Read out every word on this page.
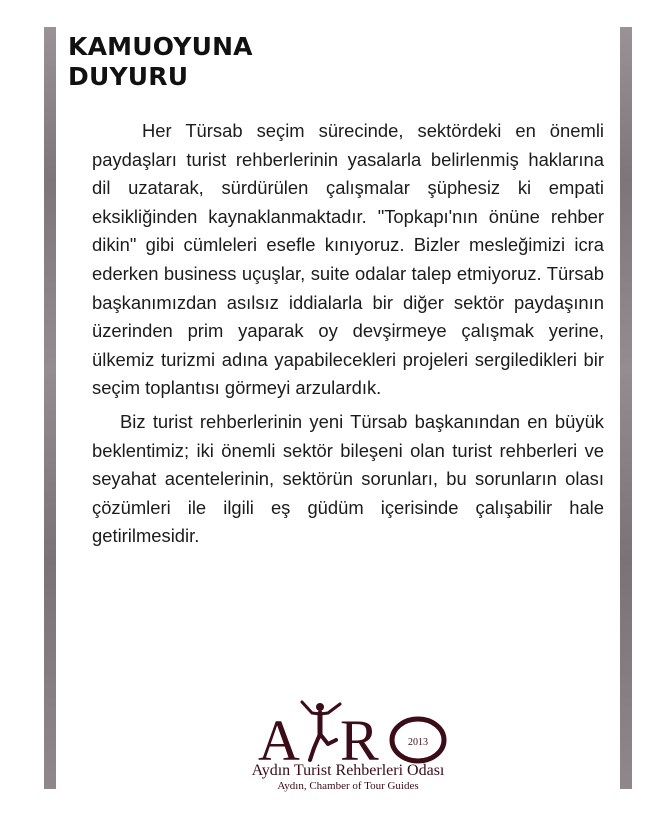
KAMUOYUNA
DUYURU

Her Türsab seçim sürecinde, sektördeki en önemli paydaşları turist rehberlerinin yasalarla belirlenmiş haklarına dil uzatarak, sürdürülen çalışmalar şüphesiz ki empati eksikliğinden kaynaklanmaktadır. "Topkapı'nın önüne rehber dikin" gibi cümleleri esefle kınıyoruz. Bizler mesleğimizi icra ederken business uçuşlar, suite odalar talep etmiyoruz. Türsab başkanımızdan asılsız iddialarla bir diğer sektör paydaşının üzerinden prim yaparak oy devşirmeye çalışmak yerine, ülkemiz turizmi adına yapabilecekleri projeleri sergiledikleri bir seçim toplantısı görmeyi arzulardık.

Biz turist rehberlerinin yeni Türsab başkanından en büyük beklentimiz; iki önemli sektör bileşeni olan turist rehberleri ve seyahat acentelerinin, sektörün sorunları, bu sorunların olası çözümleri ile ilgili eş güdüm içerisinde çalışabilir hale getirilmesidir.

A R	2013
Aydın Turist Rehberleri Odası
Aydın, Chamber of Tour Guides
